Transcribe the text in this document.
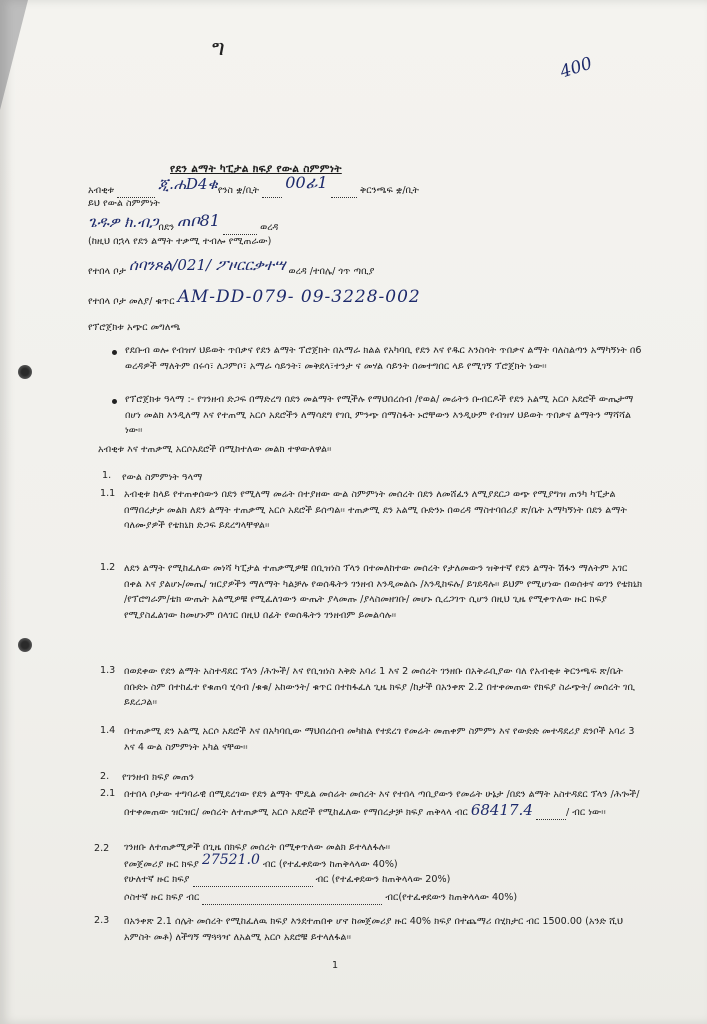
ግ
400
የደን ልማት ካፒታል ክፍያ የውል ስምምነት
አብቂቱ	ጂ.ሐD4ቁየንስ ቋ/ቢት 00ፊ1	ቅርንጫፍ ቋ/ቢት
ይህ የውል ስምምነት
ጌዱዎ ክ.ብጋበደን ጠቦ81	ወረዳ
(ከዚህ በኋላ የደን ልማት ተቃሚ ተብሎ የሚጠራው)
የተበላ ቦታ ሰባንጾል/021/ ፖዞርርቃተሣ ወረዳ /ተበሌ/ ጎጥ ጣቢያ
የተበላ ቦታ መለያ/ ቁጥር AM-DD-079- 09-3228-002
የፕሮጀክቱ አጭር መግለጫ
የደቡብ ወሎ የብዝሃ ህይወት ጥበቃና የደን ልማት ፕሮጀክት በአማራ ክልል የአካባቢ የደን እና የዱር እንስሳት ጥበቃና ልማት ባለስልጣን አማካኝነት በ6 ወረዳዎች ማለትም በሩሳ፣ ለጋምቦ፣ አማራ ሳይንት፣ መቅደላ፣ተንታ ና መሃል ሳይንት በመተግበር ላይ የሚገኝ ፕሮጀክት ነው፡፡
የፕሮጀክቱ ዓላማ :- የገንዘብ ድጋፍ በማድረግ በደን መልማት የሚችሉ የማህበረሰብ /የወል/ መሬትን ቡብርዶች የደን አልሚ አርሶ አደሮች ውጤታማ በሆነ መልክ እንዲለማ እና የተጠሚ አርሶ አደሮችን ለማሳደግ የገቢ ምንጭ በማስፋት ኑሮቸውን እንዲሁም የብዝሃ ህይወት ጥበቃና ልማትን ማሻሻል ነው፡፡
አብቂቱ እና ተጠቃሚ አርሶአደሮች በሚከተለው መልክ ተዋውለዋል፡፡
1. የውል ስምምነት ዓላማ
1.1 አብቂቱ ከላይ የተጠቀሰውን በደን የሚለማ መሬት በተያዘው ውል ስምምነት መሰረት በደን ለመሸፈን ለሚያደርጋ ወጭ የሚያግዝ ጠንካ ካፒታል በማበረታታ መልክ ለደን ልማት ተጠቃሚ አርሶ አደሮች ይሰጣል፡፡ ተጠቃሚ ደን አልሚ ቡድንኑ በወረዳ ማስተባበሪያ ጽ/ቤት አማካኝነት በደን ልማት ባለሙያዎች የቴክኒክ ድጋፍ ይደረግላቸዋል፡፡
1.2 ለደን ልማት የሚከፈለው መነሻ ካፒታል ተጠቃሚዎቹ በቢዝነስ ፕላን በተመለከተው መሰረት የታለመውን ዝቅተኛ የደን ልማት ሽፋን ማለትም አገር በቀል እና ያልሆኑ/መጤ/ ዝርያዎችን ማለማት ካልቻሉ የወሰዱትን ገንዘብ እንዲመልሱ /እንዲከፍሉ/ ይገደዳሉ፡፡ ይህም የሚሆነው በወሰቱና ወገን የቴክኒክ /የፕሮግራም/ቴክ ውጤት አልሚዎቹ የሚፈለገውን ውጤት ያላመጡ /ያላስመዘገቡ/ መሆኑ ሲረጋገጥ ሲሆን በዚህ ጊዜ የሚቀጥለው ዙር ክፍያ የሚያስፈልገው ከመሆኑም በላገር በዚህ በፊት የወሰዱትን ገንዘብም ይመልሳሉ፡፡
1.3 በወደቀው የደን ልማት አስተዳደር ፕላን /ሕጐች/ እና የቢዝነስ እቅድ አባሪ 1 እና 2 መሰረት ገንዘቡ በአቅራቢያው ባለ የአብቂቱ ቅርንጫፍ ጽ/ቤት በቡድኑ ስም በተከፈተ የቁጠባ ሂሳብ /ቁቁ/ አከውንት/ ቁጥር በተከፋፈለ ጊዜ ክፍያ /ከታች በአንቀጽ 2.2 በተቀመጠው የክፍያ ስራጭት/ መሰረት ገቢ ይደረጋል፡፡
1.4 በተጠቃሚ ደን አልሚ አርሶ አደሮች እና በአካባቢው ማህበረሰብ መካከል የተደረገ የመሬት መጠቀም ስምምነ እና የውድድ መተዳደሪያ ደንቦች አባሪ 3 እና 4 ውል ስምምነት አካል ናቸው፡፡
2. የገንዘብ ክፍያ መጠን
2.1 በተበላ ቦታው ተግባራዊ በሚደረገው የደን ልማት ሞዴል መሰሬት መሰረት እና የተበላ ጣቢያውን የመሬት ሁኔታ /በደን ልማት አስተዳደር ፕላን /ሕጐች/ በተቀመጠው ዝርዝር/ መሰረት ለተጠቃሚ አርሶ አደሮች የሚከፈለው የማበረታቻ ክፍያ ጠቅላላ ብር 68417.4	/ ብር ነው፡፡
2.2 ገንዘቡ ለተጠቃሚዎች በጊዜ በክፍያ መሰረት በሚቀጥለው መልክ ይተላለፋሉ፡፡
የመጀመሪያ ዙር ክፍያ 27521.0 ብር (የተፈቀደውን ከጠቅላላው 40%)
የሁለተኛ ዙር ክፍያ	ብር (የተፈቀደውን ከጠቅላላው 20%)
ሶስተኛ ዙር ክፍያ ብር	ብር(የተፈቀደውን ከጠቅላላው 40%)
2.3 በአንቀጽ 2.1 ሰሌት መሰረት የሚከፈለዉ ክፍያ እንደተጠበቀ ሆኖ ከመጀመሪያ ዙር 40% ክፍያ በተጨማሪ በሂክታር ብር 1500.00 (አንድ ሺህ አምስት መቶ) ለችግኝ ማጓጓዣ ለአልሚ አርሶ አደሮቹ ይተላለፋል፡፡
1
